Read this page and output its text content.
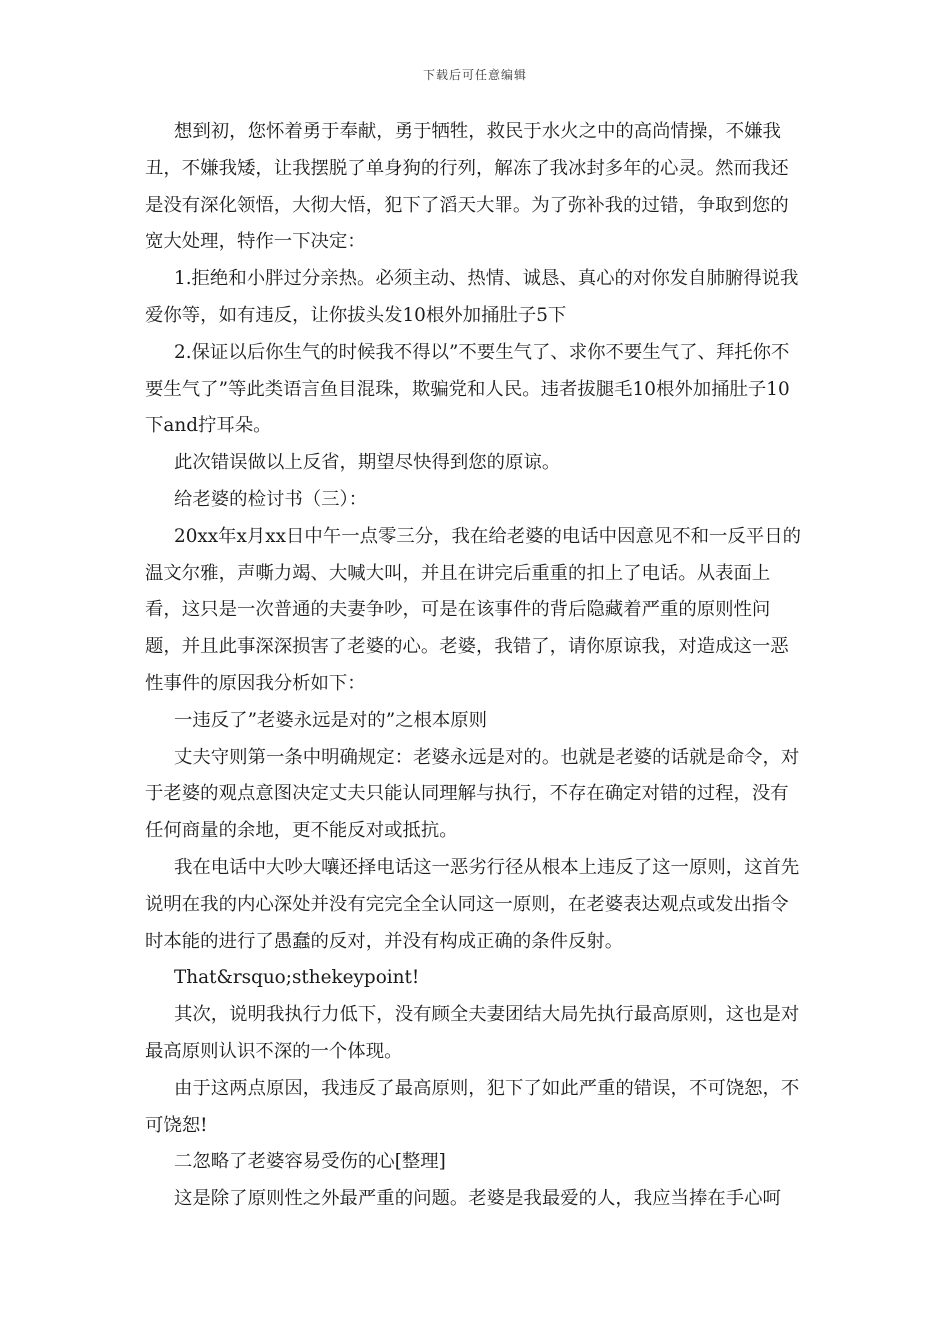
下载后可任意编辑

想到初，您怀着勇于奉献，勇于牺牲，救民于水火之中的高尚情操，不嫌我丑，不嫌我矮，让我摆脱了单身狗的行列，解冻了我冰封多年的心灵。然而我还是没有深化领悟，大彻大悟，犯下了滔天大罪。为了弥补我的过错，争取到您的宽大处理，特作一下决定：

1.拒绝和小胖过分亲热。必须主动、热情、诚恳、真心的对你发自肺腑得说我爱你等，如有违反，让你拔头发10根外加捅肚子5下

2.保证以后你生气的时候我不得以”不要生气了、求你不要生气了、拜托你不要生气了”等此类语言鱼目混珠，欺骗党和人民。违者拔腿毛10根外加捅肚子10下and拧耳朵。

此次错误做以上反省，期望尽快得到您的原谅。

给老婆的检讨书（三）：

20xx年x月xx日中午一点零三分，我在给老婆的电话中因意见不和一反平日的温文尔雅，声嘶力竭、大喊大叫，并且在讲完后重重的扣上了电话。从表面上看，这只是一次普通的夫妻争吵，可是在该事件的背后隐藏着严重的原则性问题，并且此事深深损害了老婆的心。老婆，我错了，请你原谅我，对造成这一恶性事件的原因我分析如下：

一违反了”老婆永远是对的”之根本原则

丈夫守则第一条中明确规定：老婆永远是对的。也就是老婆的话就是命令，对于老婆的观点意图决定丈夫只能认同理解与执行，不存在确定对错的过程，没有任何商量的余地，更不能反对或抵抗。

我在电话中大吵大嚷还择电话这一恶劣行径从根本上违反了这一原则，这首先说明在我的内心深处并没有完完全全认同这一原则，在老婆表达观点或发出指令时本能的进行了愚蠢的反对，并没有构成正确的条件反射。

That&rsquo;sthekeypoint!

其次，说明我执行力低下，没有顾全夫妻团结大局先执行最高原则，这也是对最高原则认识不深的一个体现。

由于这两点原因，我违反了最高原则，犯下了如此严重的错误，不可饶恕，不可饶恕!

二忽略了老婆容易受伤的心[整理]

这是除了原则性之外最严重的问题。老婆是我最爱的人，我应当捧在手心呵
